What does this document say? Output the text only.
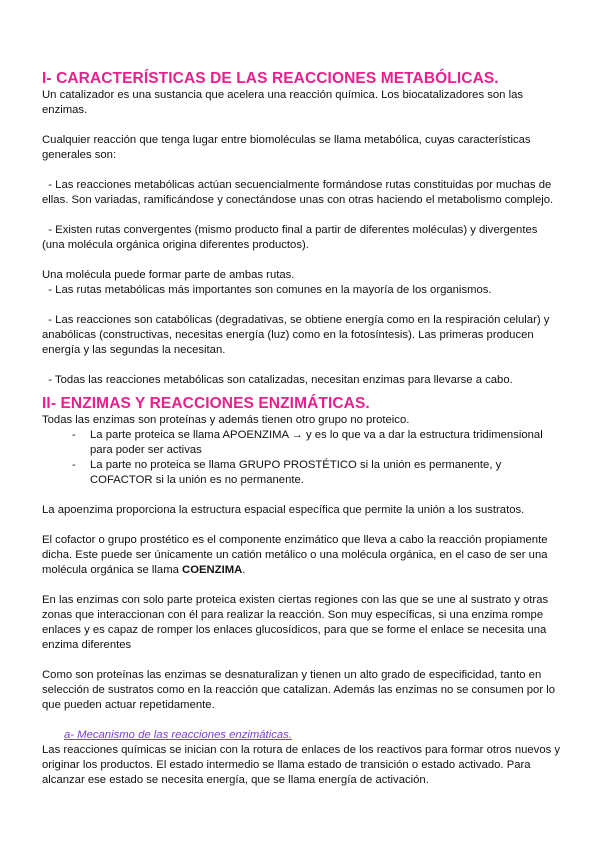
I- CARACTERÍSTICAS DE LAS REACCIONES METABÓLICAS.

Un catalizador es una sustancia que acelera una reacción química. Los biocatalizadores son las enzimas.

Cualquier reacción que tenga lugar entre biomoléculas se llama metabólica, cuyas características generales son:

- Las reacciones metabólicas actúan secuencialmente formándose rutas constituidas por muchas de ellas. Son variadas, ramificándose y conectándose unas con otras haciendo el metabolismo complejo.

- Existen rutas convergentes (mismo producto final a partir de diferentes moléculas) y divergentes (una molécula orgánica origina diferentes productos).

Una molécula puede formar parte de ambas rutas.

- Las rutas metabólicas más importantes son comunes en la mayoría de los organismos.

- Las reacciones son catabólicas (degradativas, se obtiene energía como en la respiración celular) y anabólicas (constructivas, necesitas energía (luz) como en la fotosíntesis). Las primeras producen energía y las segundas la necesitan.

- Todas las reacciones metabólicas son catalizadas, necesitan enzimas para llevarse a cabo.

II- ENZIMAS Y REACCIONES ENZIMÁTICAS.

Todas las enzimas son proteínas y además tienen otro grupo no proteico.

-	La parte proteica se llama APOENZIMA → y es lo que va a dar la estructura tridimensional para poder ser activas
-	La parte no proteica se llama GRUPO PROSTÉTICO si la unión es permanente, y COFACTOR si la unión es no permanente.

La apoenzima proporciona la estructura espacial específica que permite la unión a los sustratos.

El cofactor o grupo prostético es el componente enzimático que lleva a cabo la reacción propiamente dicha. Este puede ser únicamente un catión metálico o una molécula orgánica, en el caso de ser una molécula orgánica se llama COENZIMA.

En las enzimas con solo parte proteica existen ciertas regiones con las que se une al sustrato y otras zonas que interaccionan con él para realizar la reacción. Son muy específicas, si una enzima rompe enlaces y es capaz de romper los enlaces glucosídicos, para que se forme el enlace se necesita una enzima diferentes

Como son proteínas las enzimas se desnaturalizan y tienen un alto grado de especificidad, tanto en selección de sustratos como en la reacción que catalizan. Además las enzimas no se consumen por lo que pueden actuar repetidamente.

a- Mecanismo de las reacciones enzimáticas.

Las reacciones químicas se inician con la rotura de enlaces de los reactivos para formar otros nuevos y originar los productos. El estado intermedio se llama estado de transición o estado activado. Para alcanzar ese estado se necesita energía, que se llama energía de activación.
